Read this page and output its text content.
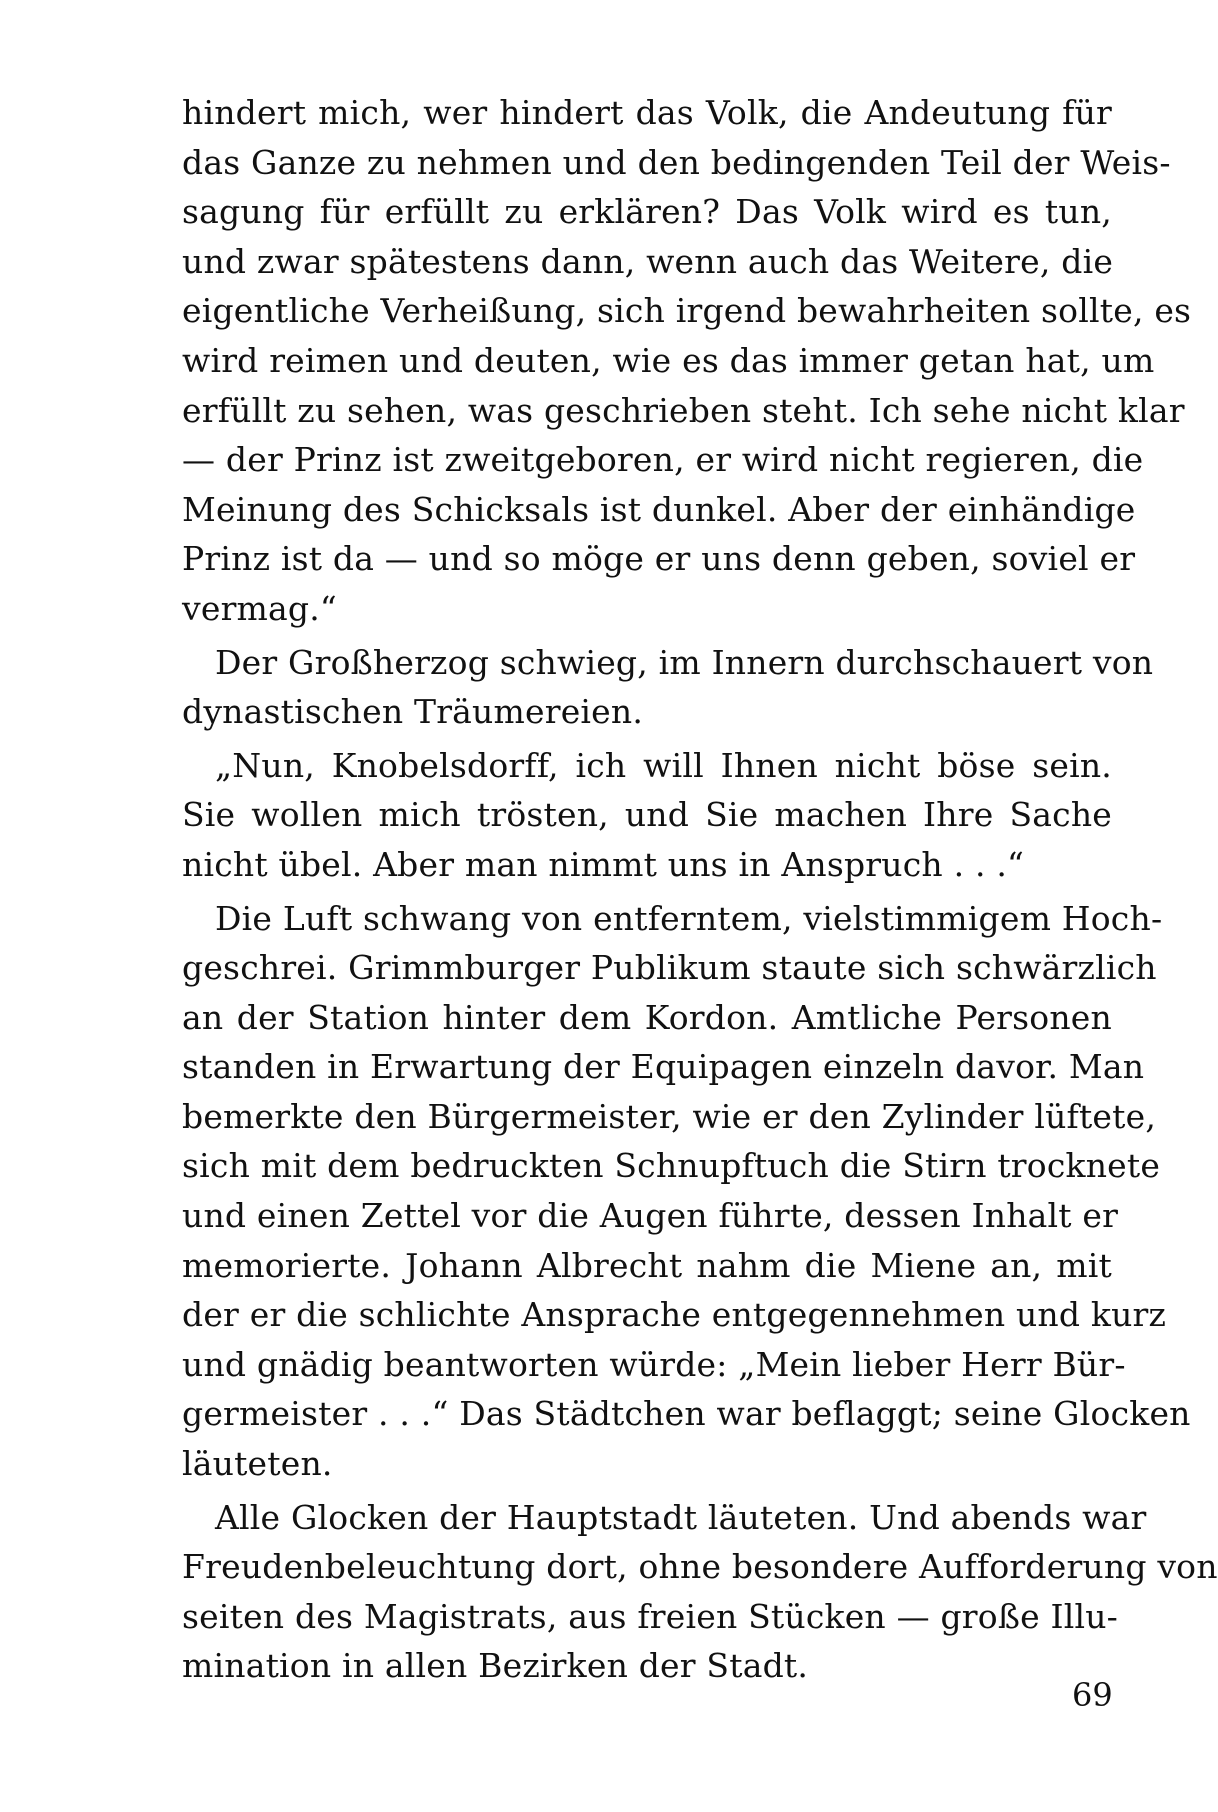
hindert mich, wer hindert das Volk, die Andeutung für
das Ganze zu nehmen und den bedingenden Teil der Weis-
sagung für erfüllt zu erklären? Das Volk wird es tun,
und zwar spätestens dann, wenn auch das Weitere, die
eigentliche Verheißung, sich irgend bewahrheiten sollte, es
wird reimen und deuten, wie es das immer getan hat, um
erfüllt zu sehen, was geschrieben steht. Ich sehe nicht klar
— der Prinz ist zweitgeboren, er wird nicht regieren, die
Meinung des Schicksals ist dunkel. Aber der einhändige
Prinz ist da — und so möge er uns denn geben, soviel er
vermag.“

Der Großherzog schwieg, im Innern durchschauert von
dynastischen Träumereien.

„Nun, Knobelsdorff, ich will Ihnen nicht böse sein.
Sie wollen mich trösten, und Sie machen Ihre Sache
nicht übel. Aber man nimmt uns in Anspruch . . .“

Die Luft schwang von entferntem, vielstimmigem Hoch-
geschrei. Grimmburger Publikum staute sich schwärzlich
an der Station hinter dem Kordon. Amtliche Personen
standen in Erwartung der Equipagen einzeln davor. Man
bemerkte den Bürgermeister, wie er den Zylinder lüftete,
sich mit dem bedruckten Schnupftuch die Stirn trocknete
und einen Zettel vor die Augen führte, dessen Inhalt er
memorierte. Johann Albrecht nahm die Miene an, mit
der er die schlichte Ansprache entgegennehmen und kurz
und gnädig beantworten würde: „Mein lieber Herr Bür-
germeister . . .“ Das Städtchen war beflaggt; seine Glocken
läuteten.

Alle Glocken der Hauptstadt läuteten. Und abends war
Freudenbeleuchtung dort, ohne besondere Aufforderung von
seiten des Magistrats, aus freien Stücken — große Illu-
mination in allen Bezirken der Stadt.

69
